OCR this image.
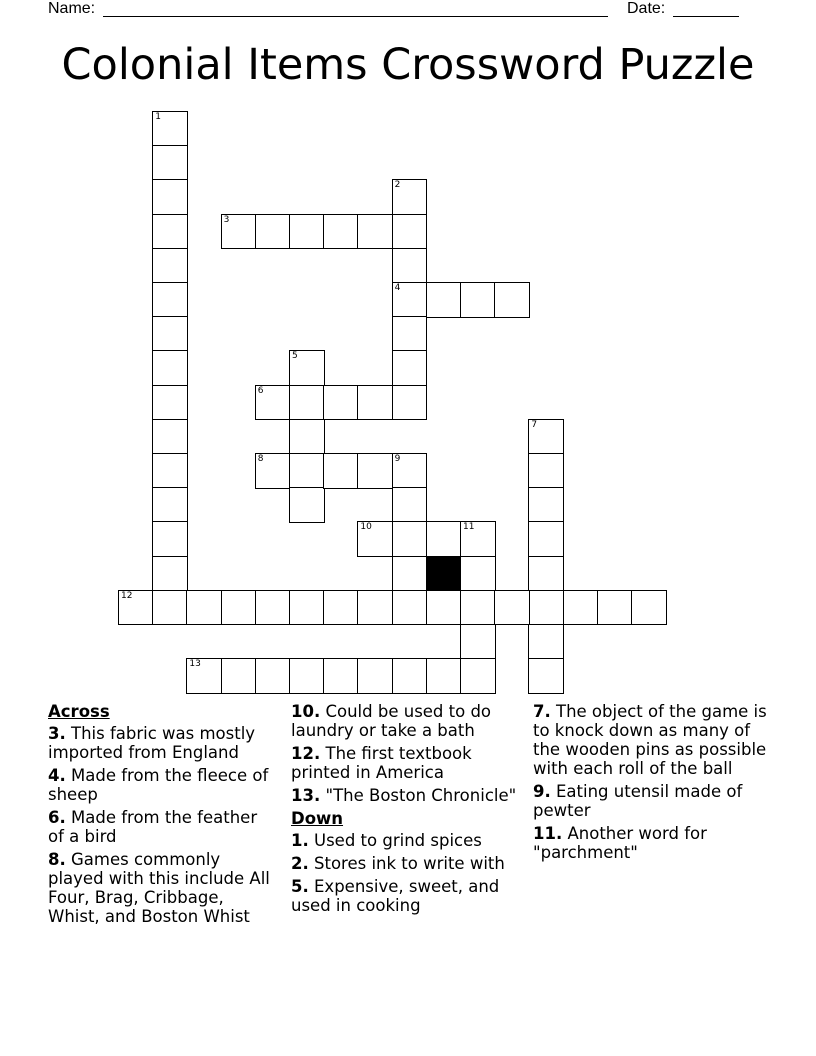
Name:	Date:
Colonial Items Crossword Puzzle
1
2
4
3
5
6
7
8	9
10	11
12
13

Across

3. This fabric was mostly imported from England

4. Made from the fleece of sheep

6. Made from the feather of a bird

8. Games commonly played with this include All Four, Brag, Cribbage, Whist, and Boston Whist

10. Could be used to do laundry or take a bath

12. The first textbook printed in America

13. "The Boston Chronicle"

Down

1. Used to grind spices

2. Stores ink to write with

5. Expensive, sweet, and used in cooking

7. The object of the game is to knock down as many of the wooden pins as possible with each roll of the ball

9. Eating utensil made of pewter

11. Another word for "parchment"
